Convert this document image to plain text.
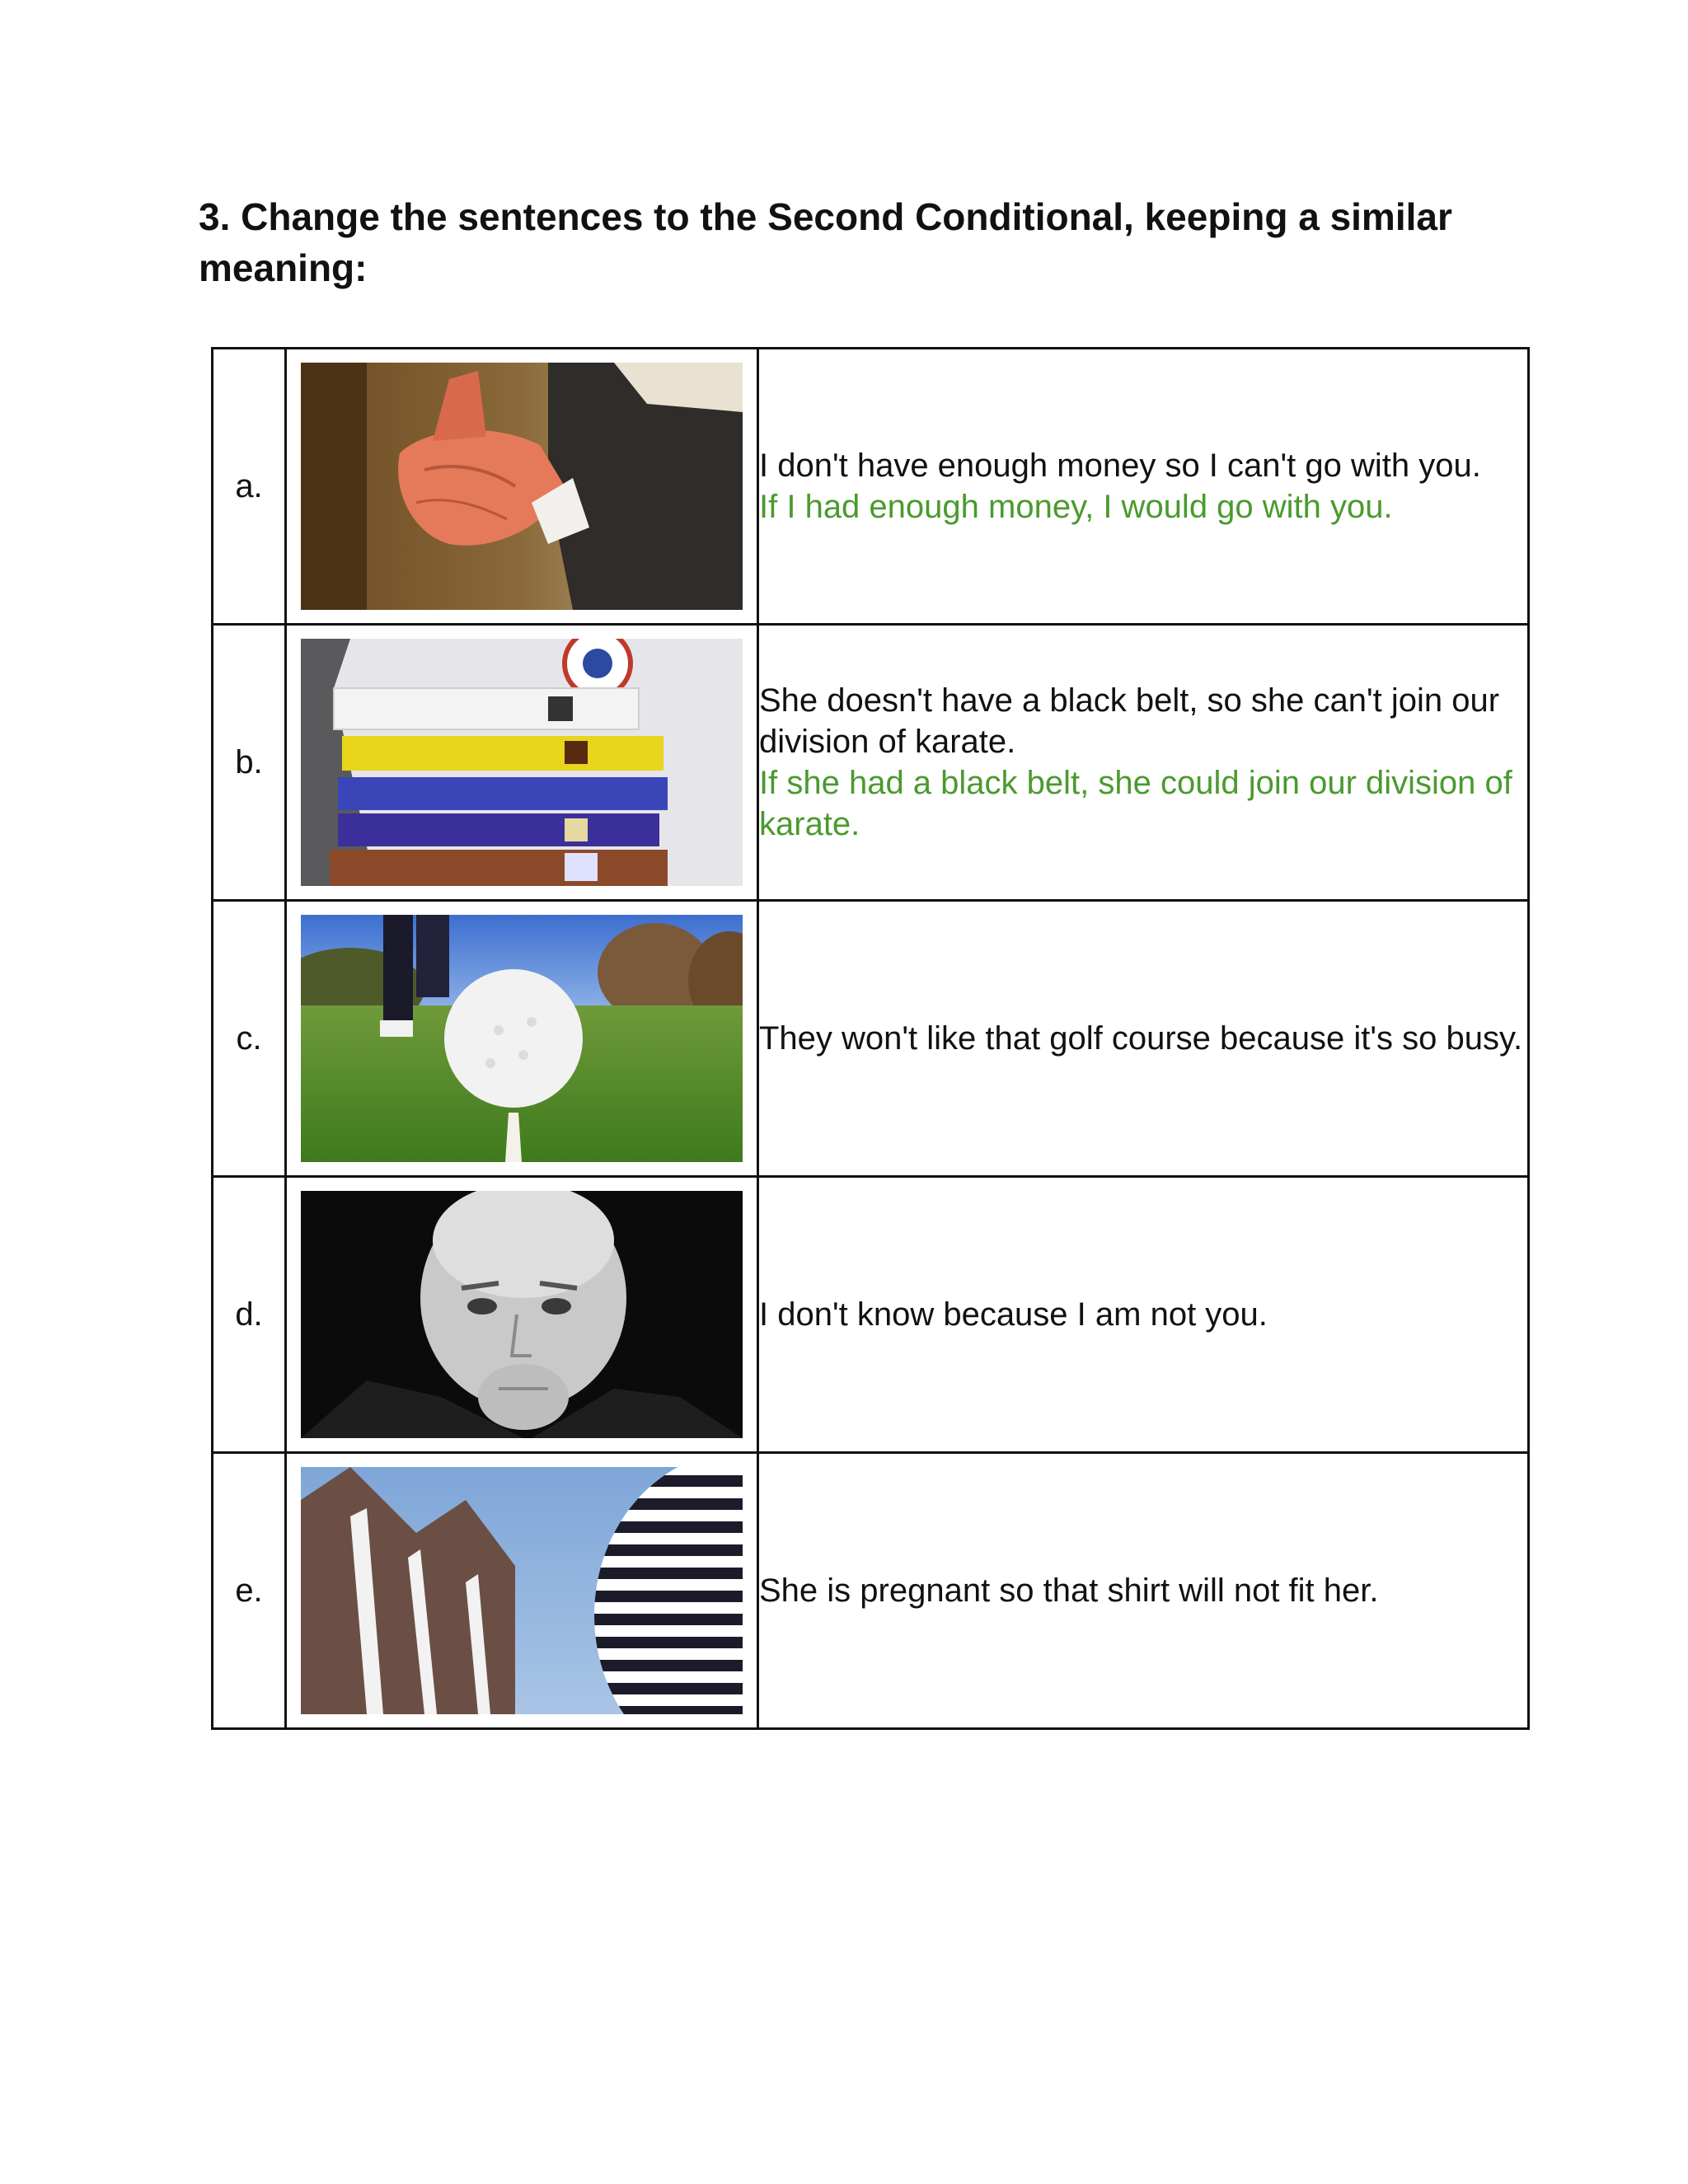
3. Change the sentences to the Second Conditional, keeping a similar meaning:
a.		I don't have enough money so I can't go with you.
If I had enough money, I would go with you.

b.		She doesn't have a black belt, so she can't join our division of karate.
If she had a black belt, she could join our division of karate.

c.		They won't like that golf course because it's so busy.

d.		I don't know because I am not you.

e.		She is pregnant so that shirt will not fit her.
